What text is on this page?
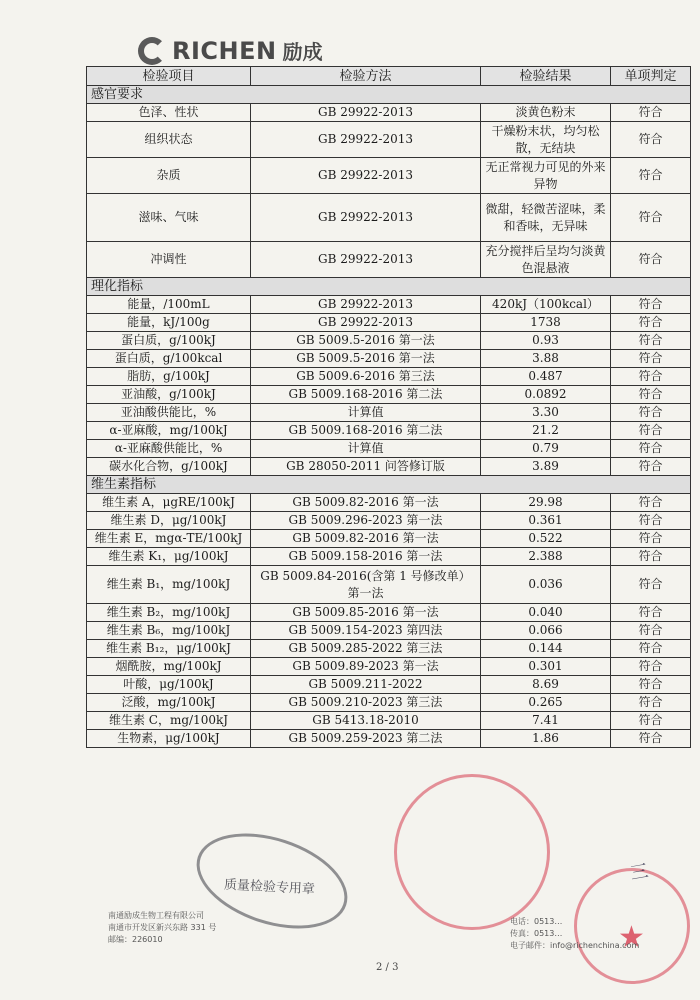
RICHEN 励成
检验项目	检验方法	检验结果	单项判定
感官要求			
色泽、性状	GB 29922-2013	淡黄色粉末	符合
组织状态	GB 29922-2013	干燥粉末状，均匀松散，无结块	符合
杂质	GB 29922-2013	无正常视力可见的外来异物	符合
滋味、气味	GB 29922-2013	微甜，轻微苦涩味，柔和香味，无异味	符合
冲调性	GB 29922-2013	充分搅拌后呈均匀淡黄色混悬液	符合
理化指标			
能量，/100mL	GB 29922-2013	420kJ（100kcal）	符合
能量，kJ/100g	GB 29922-2013	1738	符合
蛋白质，g/100kJ	GB 5009.5-2016 第一法	0.93	符合
蛋白质，g/100kcal	GB 5009.5-2016 第一法	3.88	符合
脂肪，g/100kJ	GB 5009.6-2016 第三法	0.487	符合
亚油酸，g/100kJ	GB 5009.168-2016 第二法	0.0892	符合
亚油酸供能比，%	计算值	3.30	符合
α-亚麻酸，mg/100kJ	GB 5009.168-2016 第二法	21.2	符合
α-亚麻酸供能比，%	计算值	0.79	符合
碳水化合物，g/100kJ	GB 28050-2011 问答修订版	3.89	符合
维生素指标			
维生素 A，μgRE/100kJ	GB 5009.82-2016 第一法	29.98	符合
维生素 D，μg/100kJ	GB 5009.296-2023 第一法	0.361	符合
维生素 E，mgα-TE/100kJ	GB 5009.82-2016 第一法	0.522	符合
维生素 K₁，μg/100kJ	GB 5009.158-2016 第一法	2.388	符合
维生素 B₁，mg/100kJ	GB 5009.84-2016(含第 1 号修改单）第一法	0.036	符合
维生素 B₂，mg/100kJ	GB 5009.85-2016 第一法	0.040	符合
维生素 B₆，mg/100kJ	GB 5009.154-2023 第四法	0.066	符合
维生素 B₁₂，μg/100kJ	GB 5009.285-2022 第三法	0.144	符合
烟酰胺，mg/100kJ	GB 5009.89-2023 第一法	0.301	符合
叶酸，μg/100kJ	GB 5009.211-2022	8.69	符合
泛酸，mg/100kJ	GB 5009.210-2023 第三法	0.265	符合
维生素 C，mg/100kJ	GB 5413.18-2010	7.41	符合
生物素，μg/100kJ	GB 5009.259-2023 第二法	1.86	符合
质量检验专用章
★
三
南通励成生物工程有限公司
南通市开发区新兴东路 331 号
邮编：226010
电话：0513…
传真：0513…
电子邮件：info@richenchina.com
2 / 3
